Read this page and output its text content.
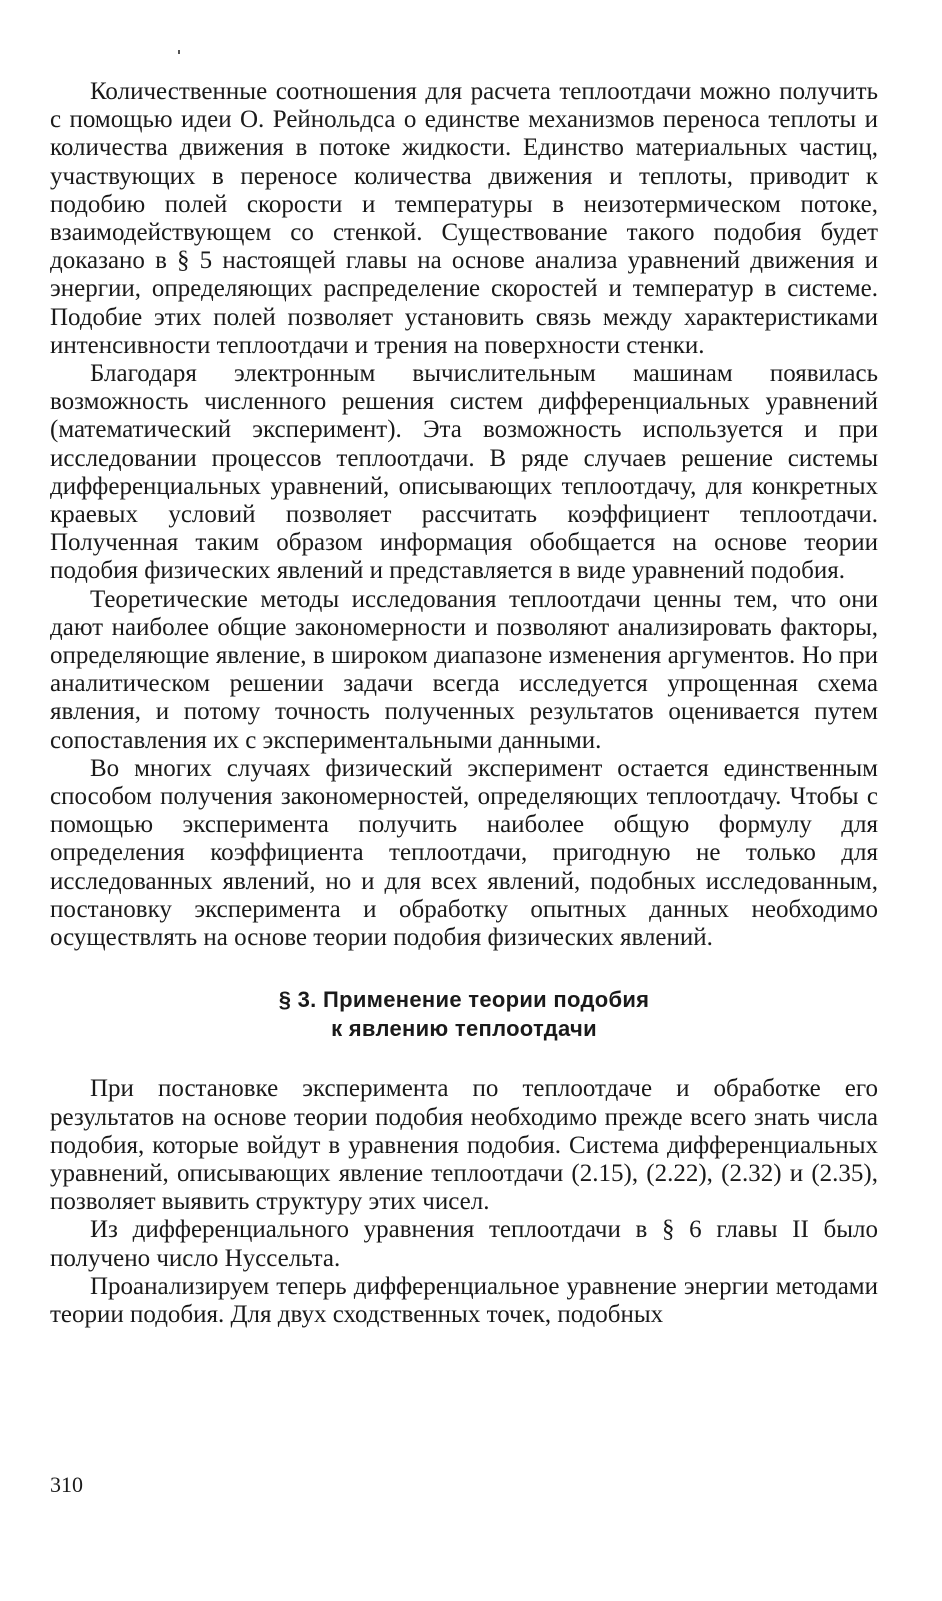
Количественные соотношения для расчета теплоотдачи можно получить с помощью идеи О. Рейнольдса о единстве механизмов переноса теплоты и количества движения в потоке жидкости. Единство материальных частиц, участвующих в переносе количества движения и теплоты, приводит к подобию полей скорости и температуры в неизотермическом потоке, взаимодействующем со стенкой. Существование такого подобия будет доказано в § 5 настоящей главы на основе анализа уравнений движения и энергии, определяющих распределение скоростей и температур в системе. Подобие этих полей позволяет установить связь между характеристиками интенсивности теплоотдачи и трения на поверхности стенки.

Благодаря электронным вычислительным машинам появилась возможность численного решения систем дифференциальных уравнений (математический эксперимент). Эта возможность используется и при исследовании процессов теплоотдачи. В ряде случаев решение системы дифференциальных уравнений, описывающих теплоотдачу, для конкретных краевых условий позволяет рассчитать коэффициент теплоотдачи. Полученная таким образом информация обобщается на основе теории подобия физических явлений и представляется в виде уравнений подобия.

Теоретические методы исследования теплоотдачи ценны тем, что они дают наиболее общие закономерности и позволяют анализировать факторы, определяющие явление, в широком диапазоне изменения аргументов. Но при аналитическом решении задачи всегда исследуется упрощенная схема явления, и потому точность полученных результатов оценивается путем сопоставления их с экспериментальными данными.

Во многих случаях физический эксперимент остается единственным способом получения закономерностей, определяющих теплоотдачу. Чтобы с помощью эксперимента получить наиболее общую формулу для определения коэффициента теплоотдачи, пригодную не только для исследованных явлений, но и для всех явлений, подобных исследованным, постановку эксперимента и обработку опытных данных необходимо осуществлять на основе теории подобия физических явлений.

§ 3. Применение теории подобия
к явлению теплоотдачи

При постановке эксперимента по теплоотдаче и обработке его результатов на основе теории подобия необходимо прежде всего знать числа подобия, которые войдут в уравнения подобия. Система дифференциальных уравнений, описывающих явление теплоотдачи (2.15), (2.22), (2.32) и (2.35), позволяет выявить структуру этих чисел.

Из дифференциального уравнения теплоотдачи в § 6 главы II было получено число Нуссельта.

Проанализируем теперь дифференциальное уравнение энергии методами теории подобия. Для двух сходственных точек, подобных

310
